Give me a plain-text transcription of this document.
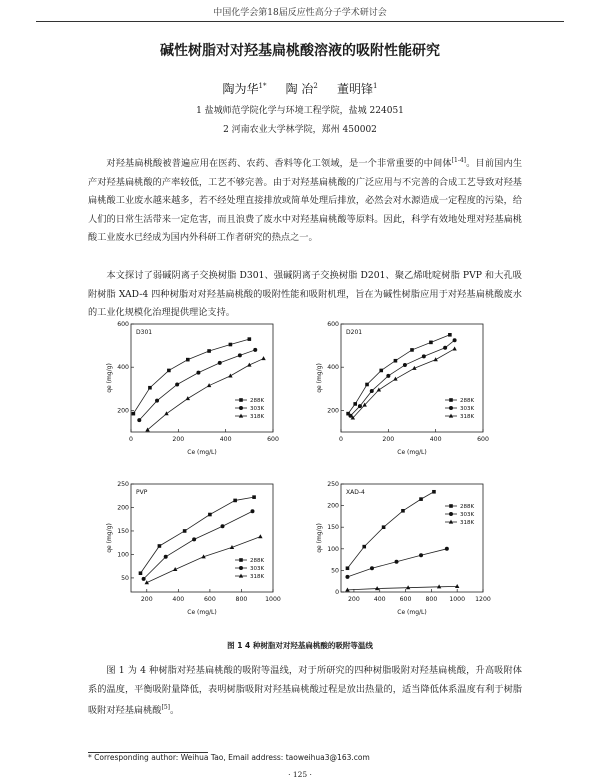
中国化学会第18届反应性高分子学术研讨会
碱性树脂对对羟基扁桃酸溶液的吸附性能研究
陶为华$^{1*}$ 陶 冶$^2$ 董明锋$^1$
1 盐城师范学院化学与环境工程学院，盐城 224051
2 河南农业大学林学院，郑州 450002

对羟基扁桃酸被普遍应用在医药、农药、香料等化工领域，是一个非常重要的中间体[1-4]。目前国内生产对羟基扁桃酸的产率较低，工艺不够完善。由于对羟基扁桃酸的广泛应用与不完善的合成工艺导致对羟基扁桃酸工业废水越来越多，若不经处理直接排放或简单处理后排放，必然会对水源造成一定程度的污染，给人们的日常生活带来一定危害，而且浪费了废水中对羟基扁桃酸等原料。因此，科学有效地处理对羟基扁桃酸工业废水已经成为国内外科研工作者研究的热点之一。

本文探讨了弱碱阴离子交换树脂 D301、强碱阴离子交换树脂 D201、聚乙烯吡啶树脂 PVP 和大孔吸附树脂 XAD-4 四种树脂对对羟基扁桃酸的吸附性能和吸附机理，旨在为碱性树脂应用于对羟基扁桃酸废水的工业化规模化治理提供理论支持。

D301
0	200	400	600
200
400
600
Ce (mg/L)
qe (mg/g)
288K
303K
318K
D201
0	200	400	600
200
400
600
Ce (mg/L)
qe (mg/g)
288K
303K
318K
PVP
200	400	600	800	1000
50
100
150
200
250
Ce (mg/L)
qe (mg/g)
288K
303K
318K
XAD-4
200 400 600 800 1000 1200
0
50
100
150
200
250
Ce (mg/L)
qe (mg/g)
288K
303K
318K
图 1 4 种树脂对对羟基扁桃酸的吸附等温线

图 1 为 4 种树脂对羟基扁桃酸的吸附等温线，对于所研究的四种树脂吸附对羟基扁桃酸，升高吸附体系的温度，平衡吸附量降低，表明树脂吸附对羟基扁桃酸过程是放出热量的，适当降低体系温度有利于树脂吸附对羟基扁桃酸[5]。

* Corresponding author: Weihua Tao, Email address: taoweihua3@163.com
· 125 ·
